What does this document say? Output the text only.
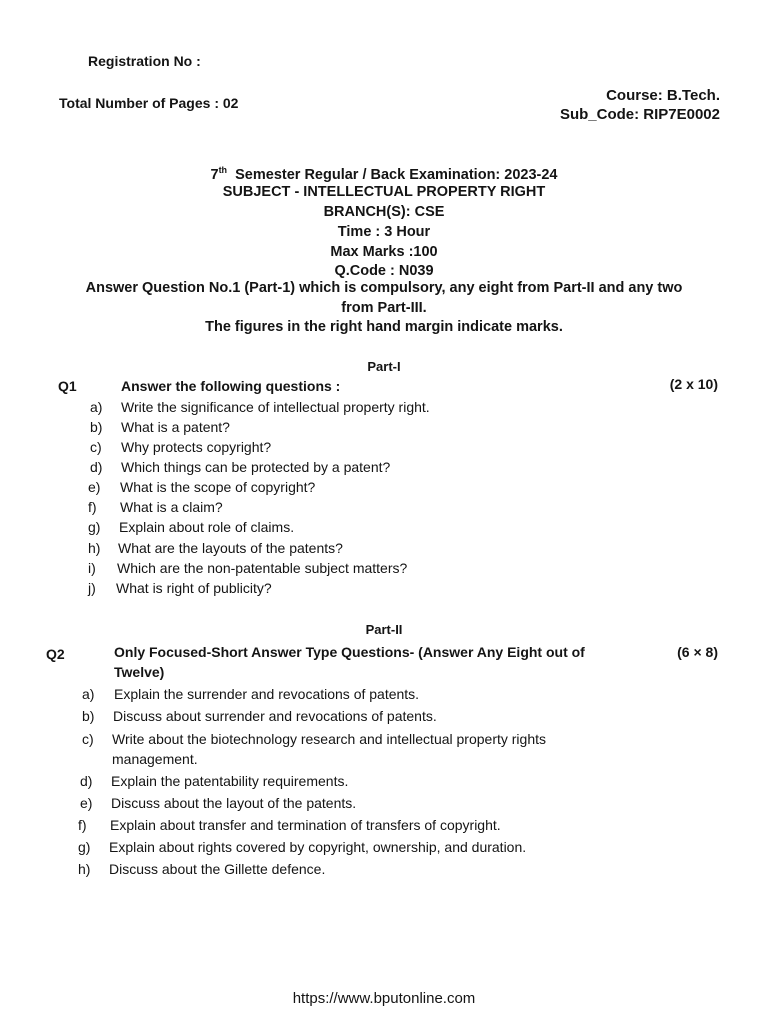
Registration No :
Total Number of Pages : 02	Course: B.Tech.
Sub_Code: RIP7E0002
7th Semester Regular / Back Examination: 2023-24
SUBJECT - INTELLECTUAL PROPERTY RIGHT
BRANCH(S): CSE
Time : 3 Hour
Max Marks :100
Q.Code : N039
Answer Question No.1 (Part-1) which is compulsory, any eight from Part-II and any two
from Part-III.
The figures in the right hand margin indicate marks.
Part-I
Q1	Answer the following questions :	(2 x 10)
a) Write the significance of intellectual property right.
b) What is a patent?
c) Why protects copyright?
d) Which things can be protected by a patent?
e) What is the scope of copyright?
f) What is a claim?
g) Explain about role of claims.
h) What are the layouts of the patents?
i) Which are the non-patentable subject matters?
j) What is right of publicity?
Part-II
Q2	Only Focused-Short Answer Type Questions- (Answer Any Eight out of
Twelve)
(6 × 8)
a) Explain the surrender and revocations of patents.
b) Discuss about surrender and revocations of patents.
c) Write about the biotechnology research and intellectual property rights
management.
d) Explain the patentability requirements.
e) Discuss about the layout of the patents.
f) Explain about transfer and termination of transfers of copyright.
g) Explain about rights covered by copyright, ownership, and duration.
h) Discuss about the Gillette defence.
https://www.bputonline.com
